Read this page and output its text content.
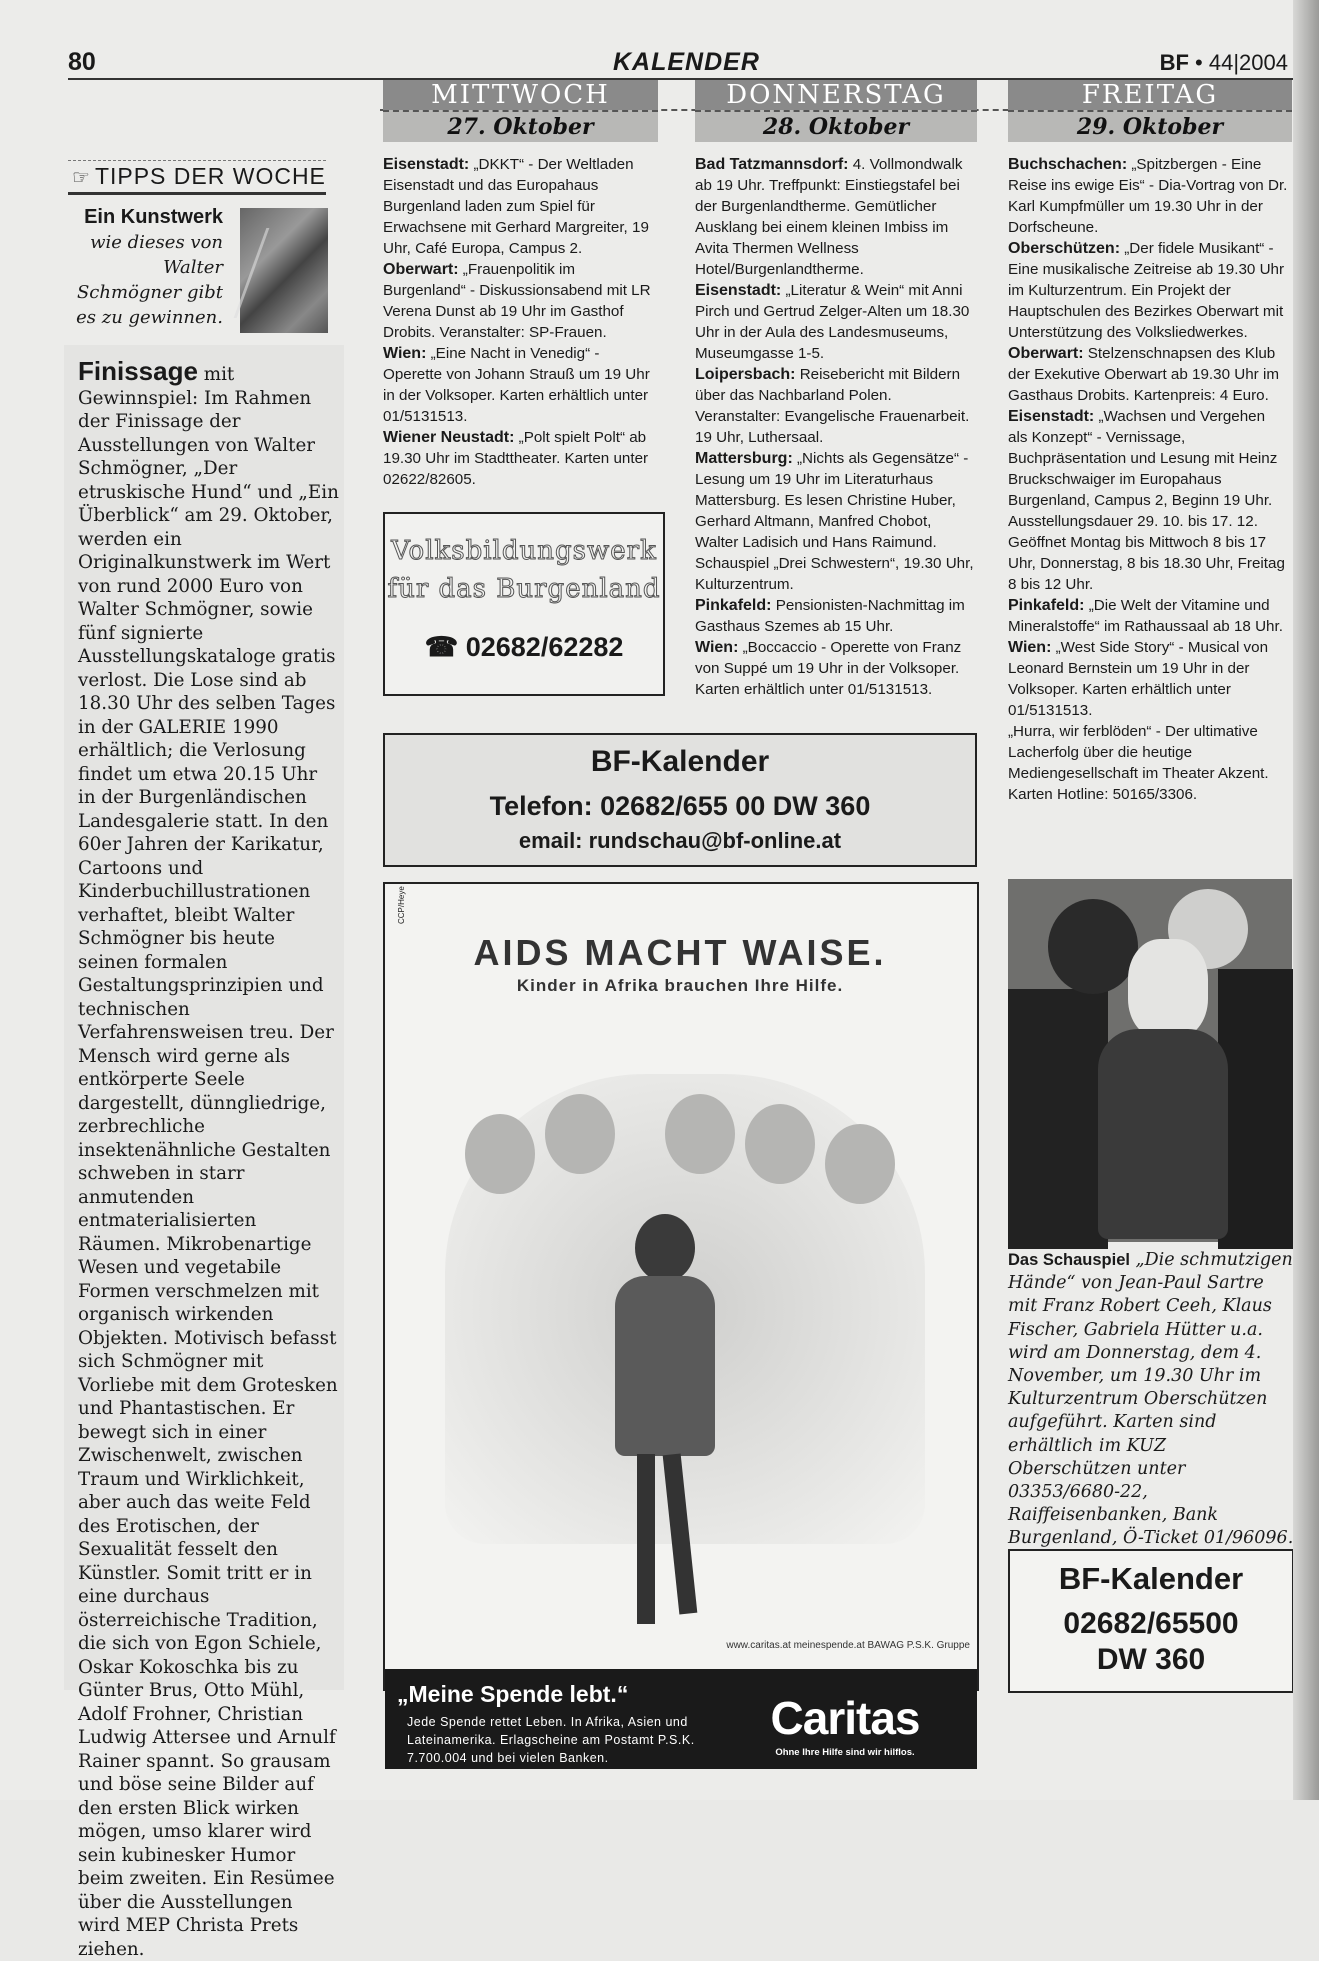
80	KALENDER	BF • 44|2004
MITTWOCH
27. Oktober
DONNERSTAG
28. Oktober
FREITAG
29. Oktober
☞ TIPPS DER WOCHE
Ein Kunstwerk
wie dieses von Walter Schmögner gibt es zu gewinnen.
Finissage mit Gewinnspiel: Im Rahmen der Finissage der Ausstellungen von Walter Schmögner, „Der etruskische Hund“ und „Ein Überblick“ am 29. Oktober, werden ein Originalkunstwerk im Wert von rund 2000 Euro von Walter Schmögner, sowie fünf signierte Ausstellungskataloge gratis verlost. Die Lose sind ab 18.30 Uhr des selben Tages in der GALERIE 1990 erhältlich; die Verlosung findet um etwa 20.15 Uhr in der Burgenländischen Landesgalerie statt. In den 60er Jahren der Karikatur, Cartoons und Kinderbuchillustrationen verhaftet, bleibt Walter Schmögner bis heute seinen formalen Gestaltungsprinzipien und technischen Verfahrensweisen treu. Der Mensch wird gerne als entkörperte Seele dargestellt, dünngliedrige, zerbrechliche insektenähnliche Gestalten schweben in starr anmutenden entmaterialisierten Räumen. Mikrobenartige Wesen und vegetabile Formen verschmelzen mit organisch wirkenden Objekten. Motivisch befasst sich Schmögner mit Vorliebe mit dem Grotesken und Phantastischen. Er bewegt sich in einer Zwischenwelt, zwischen Traum und Wirklichkeit, aber auch das weite Feld des Erotischen, der Sexualität fesselt den Künstler. Somit tritt er in eine durchaus österreichische Tradition, die sich von Egon Schiele, Oskar Kokoschka bis zu Günter Brus, Otto Mühl, Adolf Frohner, Christian Ludwig Attersee und Arnulf Rainer spannt. So grausam und böse seine Bilder auf den ersten Blick wirken mögen, umso klarer wird sein kubinesker Humor beim zweiten. Ein Resümee über die Ausstellungen wird MEP Christa Prets ziehen.

Eisenstadt: „DKKT“ - Der Weltladen Eisenstadt und das Europahaus Burgenland laden zum Spiel für Erwachsene mit Gerhard Margreiter, 19 Uhr, Café Europa, Campus 2.

Oberwart: „Frauenpolitik im Burgenland“ - Diskussionsabend mit LR Verena Dunst ab 19 Uhr im Gasthof Drobits. Veranstalter: SP-Frauen.

Wien: „Eine Nacht in Venedig“ - Operette von Johann Strauß um 19 Uhr in der Volksoper. Karten erhältlich unter 01/5131513.

Wiener Neustadt: „Polt spielt Polt“ ab 19.30 Uhr im Stadttheater. Karten unter 02622/82605.

Bad Tatzmannsdorf: 4. Vollmondwalk ab 19 Uhr. Treffpunkt: Einstiegstafel bei der Burgenlandtherme. Gemütlicher Ausklang bei einem kleinen Imbiss im Avita Thermen Wellness Hotel/Burgenlandtherme.

Eisenstadt: „Literatur & Wein“ mit Anni Pirch und Gertrud Zelger-Alten um 18.30 Uhr in der Aula des Landesmuseums, Museumgasse 1-5.

Loipersbach: Reisebericht mit Bildern über das Nachbarland Polen. Veranstalter: Evangelische Frauenarbeit. 19 Uhr, Luthersaal.

Mattersburg: „Nichts als Gegensätze“ - Lesung um 19 Uhr im Literaturhaus Mattersburg. Es lesen Christine Huber, Gerhard Altmann, Manfred Chobot, Walter Ladisich und Hans Raimund. Schauspiel „Drei Schwestern“, 19.30 Uhr, Kulturzentrum.

Pinkafeld: Pensionisten-Nachmittag im Gasthaus Szemes ab 15 Uhr.

Wien: „Boccaccio - Operette von Franz von Suppé um 19 Uhr in der Volksoper. Karten erhältlich unter 01/5131513.

Buchschachen: „Spitzbergen - Eine Reise ins ewige Eis“ - Dia-Vortrag von Dr. Karl Kumpfmüller um 19.30 Uhr in der Dorfscheune.

Oberschützen: „Der fidele Musikant“ - Eine musikalische Zeitreise ab 19.30 Uhr im Kulturzentrum. Ein Projekt der Hauptschulen des Bezirkes Oberwart mit Unterstützung des Volksliedwerkes.

Oberwart: Stelzenschnapsen des Klub der Exekutive Oberwart ab 19.30 Uhr im Gasthaus Drobits. Kartenpreis: 4 Euro.

Eisenstadt: „Wachsen und Vergehen als Konzept“ - Vernissage, Buchpräsentation und Lesung mit Heinz Bruckschwaiger im Europahaus Burgenland, Campus 2, Beginn 19 Uhr. Ausstellungsdauer 29. 10. bis 17. 12. Geöffnet Montag bis Mittwoch 8 bis 17 Uhr, Donnerstag, 8 bis 18.30 Uhr, Freitag 8 bis 12 Uhr.

Pinkafeld: „Die Welt der Vitamine und Mineralstoffe“ im Rathaussaal ab 18 Uhr.

Wien: „West Side Story“ - Musical von Leonard Bernstein um 19 Uhr in der Volksoper. Karten erhältlich unter 01/5131513.

„Hurra, wir ferblöden“ - Der ultimative Lacherfolg über die heutige Mediengesellschaft im Theater Akzent. Karten Hotline: 50165/3306.

Volksbildungswerk
für das Burgenland
☎ 02682/62282
BF-Kalender
Telefon: 02682/655 00 DW 360
email: rundschau@bf-online.at
CCP/Heye
AIDS MACHT WAISE.
Kinder in Afrika brauchen Ihre Hilfe.
www.caritas.at meinespende.at BAWAG P.S.K. Gruppe
„Meine Spende lebt.“
Jede Spende rettet Leben. In Afrika, Asien und Lateinamerika. Erlagscheine am Postamt P.S.K. 7.700.004 und bei vielen Banken.
Caritas
Ohne Ihre Hilfe sind wir hilflos.
Das Schauspiel „Die schmutzigen Hände“ von Jean-Paul Sartre mit Franz Robert Ceeh, Klaus Fischer, Gabriela Hütter u.a. wird am Donnerstag, dem 4. November, um 19.30 Uhr im Kulturzentrum Oberschützen aufgeführt. Karten sind erhältlich im KUZ Oberschützen unter 03353/6680-22, Raiffeisenbanken, Bank Burgenland, Ö-Ticket 01/96096.
BF-Kalender
02682/65500
DW 360
